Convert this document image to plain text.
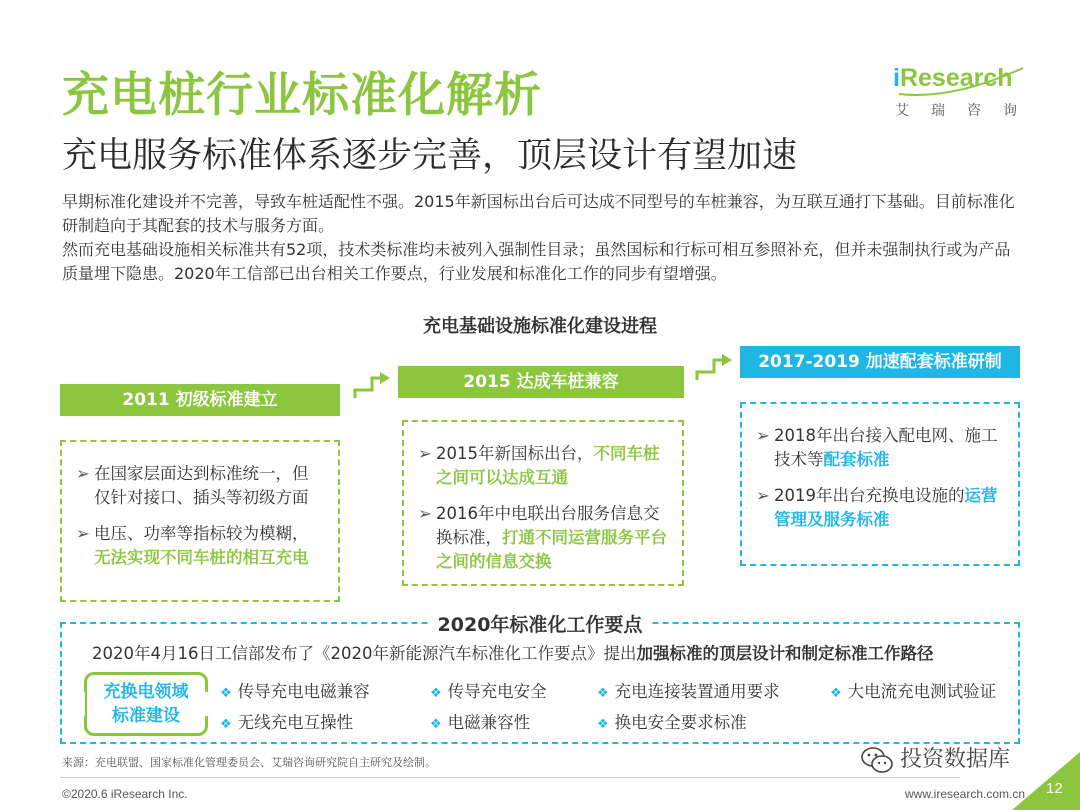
充电桩行业标准化解析
充电服务标准体系逐步完善，顶层设计有望加速
iResearch
艾瑞咨询

早期标准化建设并不完善，导致车桩适配性不强。2015年新国标出台后可达成不同型号的车桩兼容，为互联互通打下基础。目前标准化研制趋向于其配套的技术与服务方面。

然而充电基础设施相关标准共有52项，技术类标准均未被列入强制性目录；虽然国标和行标可相互参照补充，但并未强制执行或为产品质量埋下隐患。2020年工信部已出台相关工作要点，行业发展和标准化工作的同步有望增强。

充电基础设施标准化建设进程
2011 初级标准建立
➢ 在国家层面达到标准统一，但仅针对接口、插头等初级方面
➢ 电压、功率等指标较为模糊，无法实现不同车桩的相互充电
2015 达成车桩兼容
➢ 2015年新国标出台，不同车桩之间可以达成互通
➢ 2016年中电联出台服务信息交换标准，打通不同运营服务平台之间的信息交换
2017-2019 加速配套标准研制
➢ 2018年出台接入配电网、施工技术等配套标准
➢ 2019年出台充换电设施的运营管理及服务标准
2020年标准化工作要点
2020年4月16日工信部发布了《2020年新能源汽车标准化工作要点》提出加强标准的顶层设计和制定标准工作路径
充换电领域
标准建设
❖ 传导充电电磁兼容	❖ 传导充电安全	❖ 充电连接装置通用要求	❖ 大电流充电测试验证
❖ 无线充电互操性	❖ 电磁兼容性	❖ 换电安全要求标准
来源：充电联盟、国家标准化管理委员会、艾瑞咨询研究院自主研究及绘制。
©2020.6 iResearch Inc.	www.iresearch.com.cn
投资数据库
12
